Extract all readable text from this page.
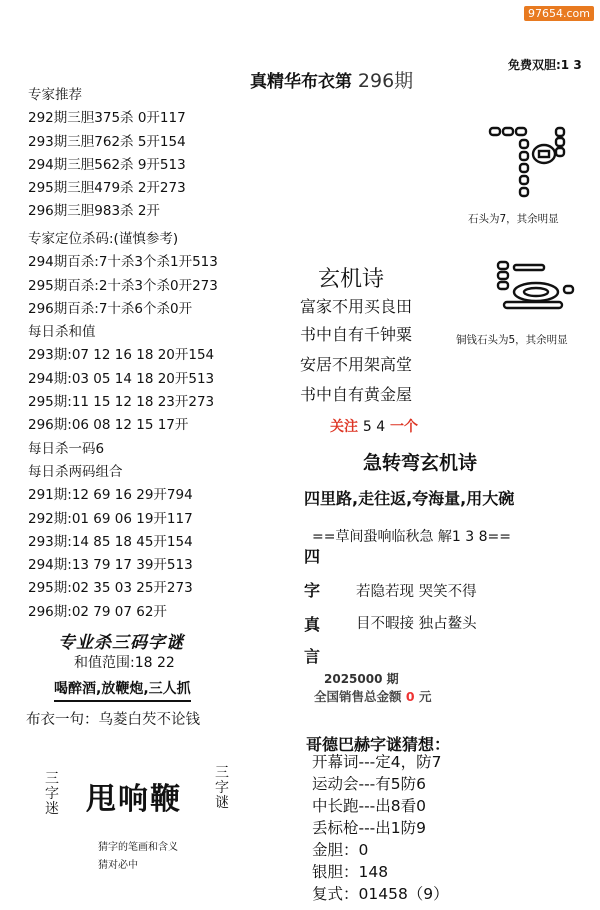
97654.com
真精华布衣第 296期
免费双胆:1 3
专家推荐
292期三胆375杀 0开117
293期三胆762杀 5开154
294期三胆562杀 9开513
295期三胆479杀 2开273
296期三胆983杀 2开
专家定位杀码:(谨慎参考)
294期百杀:7十杀3个杀1开513
295期百杀:2十杀3个杀0开273
296期百杀:7十杀6个杀0开
每日杀和值
293期:07 12 16 18 20开154
294期:03 05 14 18 20开513
295期:11 15 12 18 23开273
296期:06 08 12 15 17开
每日杀一码6
每日杀两码组合
291期:12 69 16 29开794
292期:01 69 06 19开117
293期:14 85 18 45开154
294期:13 79 17 39开513
295期:02 35 03 25开273
296期:02 79 07 62开
专业杀三码字谜
和值范围:18 22
喝醉酒,放鞭炮,三人抓
布衣一句：乌菱白芡不论钱
三字迷 甩响鞭
三字谜
猜字的笔画和含义
猜对必中
石头为7，其余明显
铜钱石头为5，其余明显
玄机诗
富家不用买良田
书中自有千钟粟
安居不用架高堂
书中自有黄金屋
关注 5 4 一个
急转弯玄机诗
四里路,走往返,夸海量,用大碗
==草间蛩响临秋急 解1 3 8==
四
字
真
言
若隐若现 哭笑不得
目不暇接 独占鳌头
2025000 期
全国销售总金额 0 元
哥德巴赫字谜猜想：
开幕词---定4，防7
运动会---有5防6
中长跑---出8看0
丢标枪---出1防9
金胆：0
银胆：148
复式：01458（9）
